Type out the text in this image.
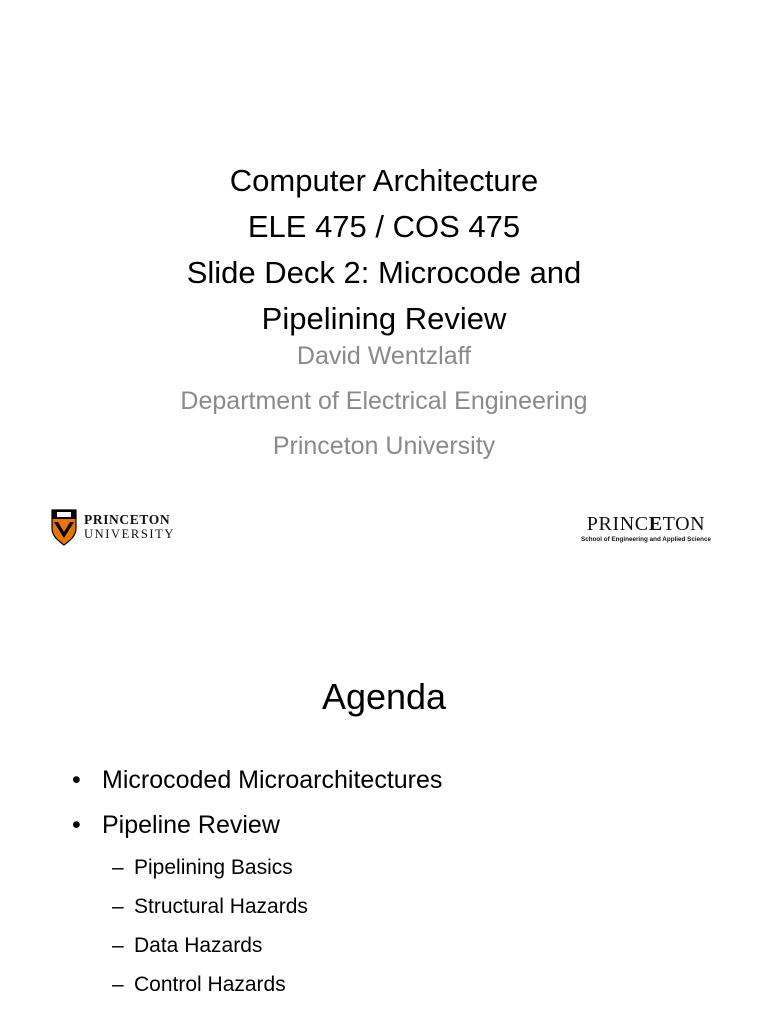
Computer Architecture
ELE 475 / COS 475
Slide Deck 2: Microcode and
Pipelining Review
David Wentzlaff
Department of Electrical Engineering
Princeton University
PRINCETON
UNIVERSITY	PRINCETON
School of Engineering and Applied Science
Agenda
• Microcoded Microarchitectures
• Pipeline Review
– Pipelining Basics
– Structural Hazards
– Data Hazards
– Control Hazards
